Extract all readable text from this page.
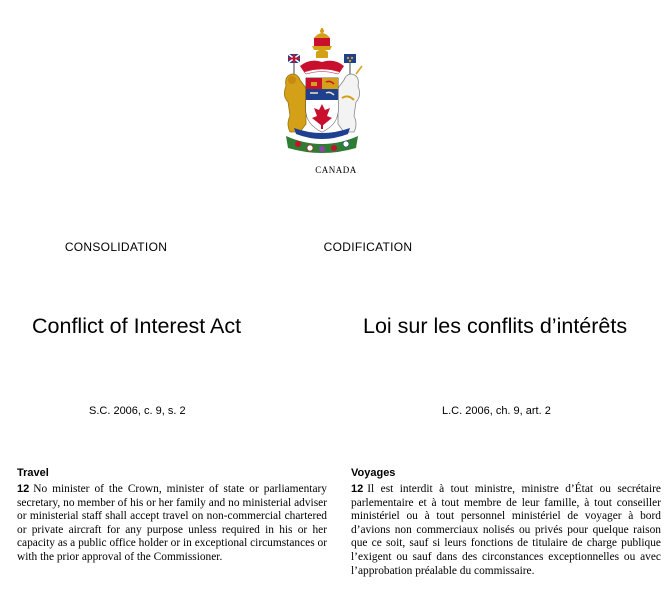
CANADA
CONSOLIDATION
Conflict of Interest Act
S.C. 2006, c. 9, s. 2
Travel

12 No minister of the Crown, minister of state or parliamentary secretary, no member of his or her family and no ministerial adviser or ministerial staff shall accept travel on non-commercial chartered or private aircraft for any purpose unless required in his or her capacity as a public office holder or in exceptional circumstances or with the prior approval of the Commissioner.

CODIFICATION
Loi sur les conflits d’intérêts
L.C. 2006, ch. 9, art. 2
Voyages

12 Il est interdit à tout ministre, ministre d’État ou secrétaire parlementaire et à tout membre de leur famille, à tout conseiller ministériel ou à tout personnel ministériel de voyager à bord d’avions non commerciaux nolisés ou privés pour quelque raison que ce soit, sauf si leurs fonctions de titulaire de charge publique l’exigent ou sauf dans des circonstances exceptionnelles ou avec l’approbation préalable du commissaire.
